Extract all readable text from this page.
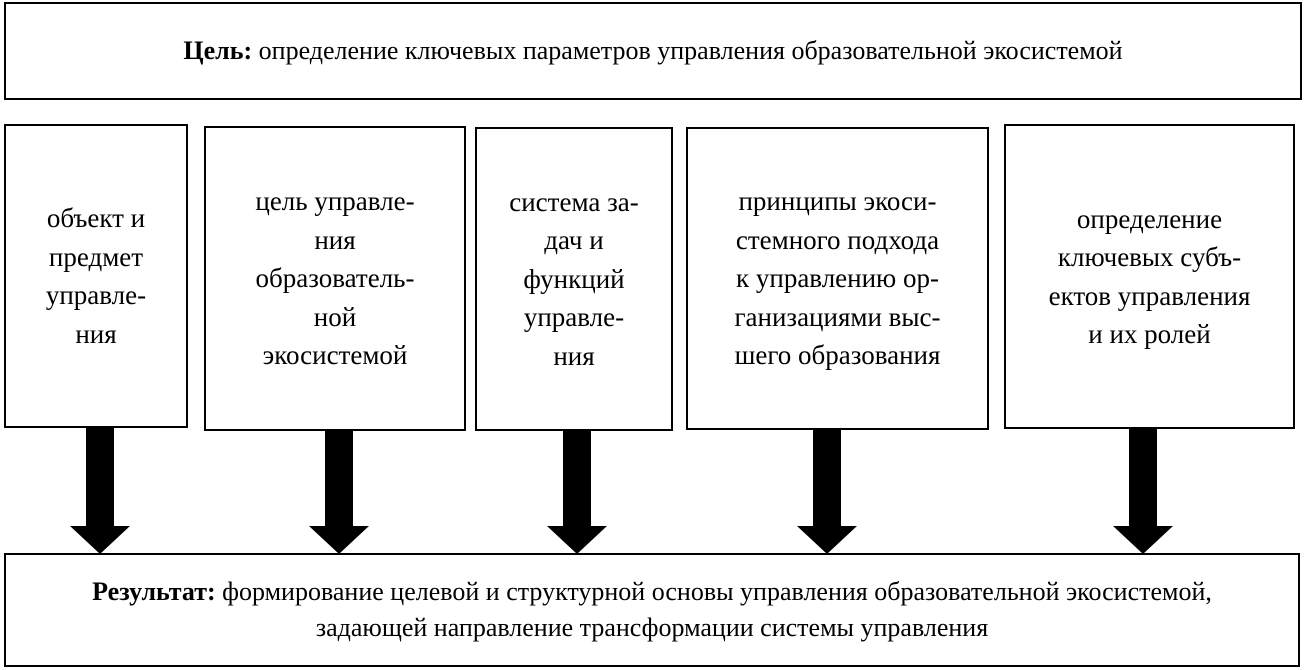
Цель: определение ключевых параметров управления образовательной экосистемой
объект и
предмет
управле-
ния
цель управле-
ния
образователь-
ной
экосистемой
система за-
дач и
функций
управле-
ния
принципы экоси-
стемного подхода
к управлению ор-
ганизациями выс-
шего образования
определение
ключевых субъ-
ектов управления
и их ролей
Результат: формирование целевой и структурной основы управления образовательной экосистемой, задающей направление трансформации системы управления
